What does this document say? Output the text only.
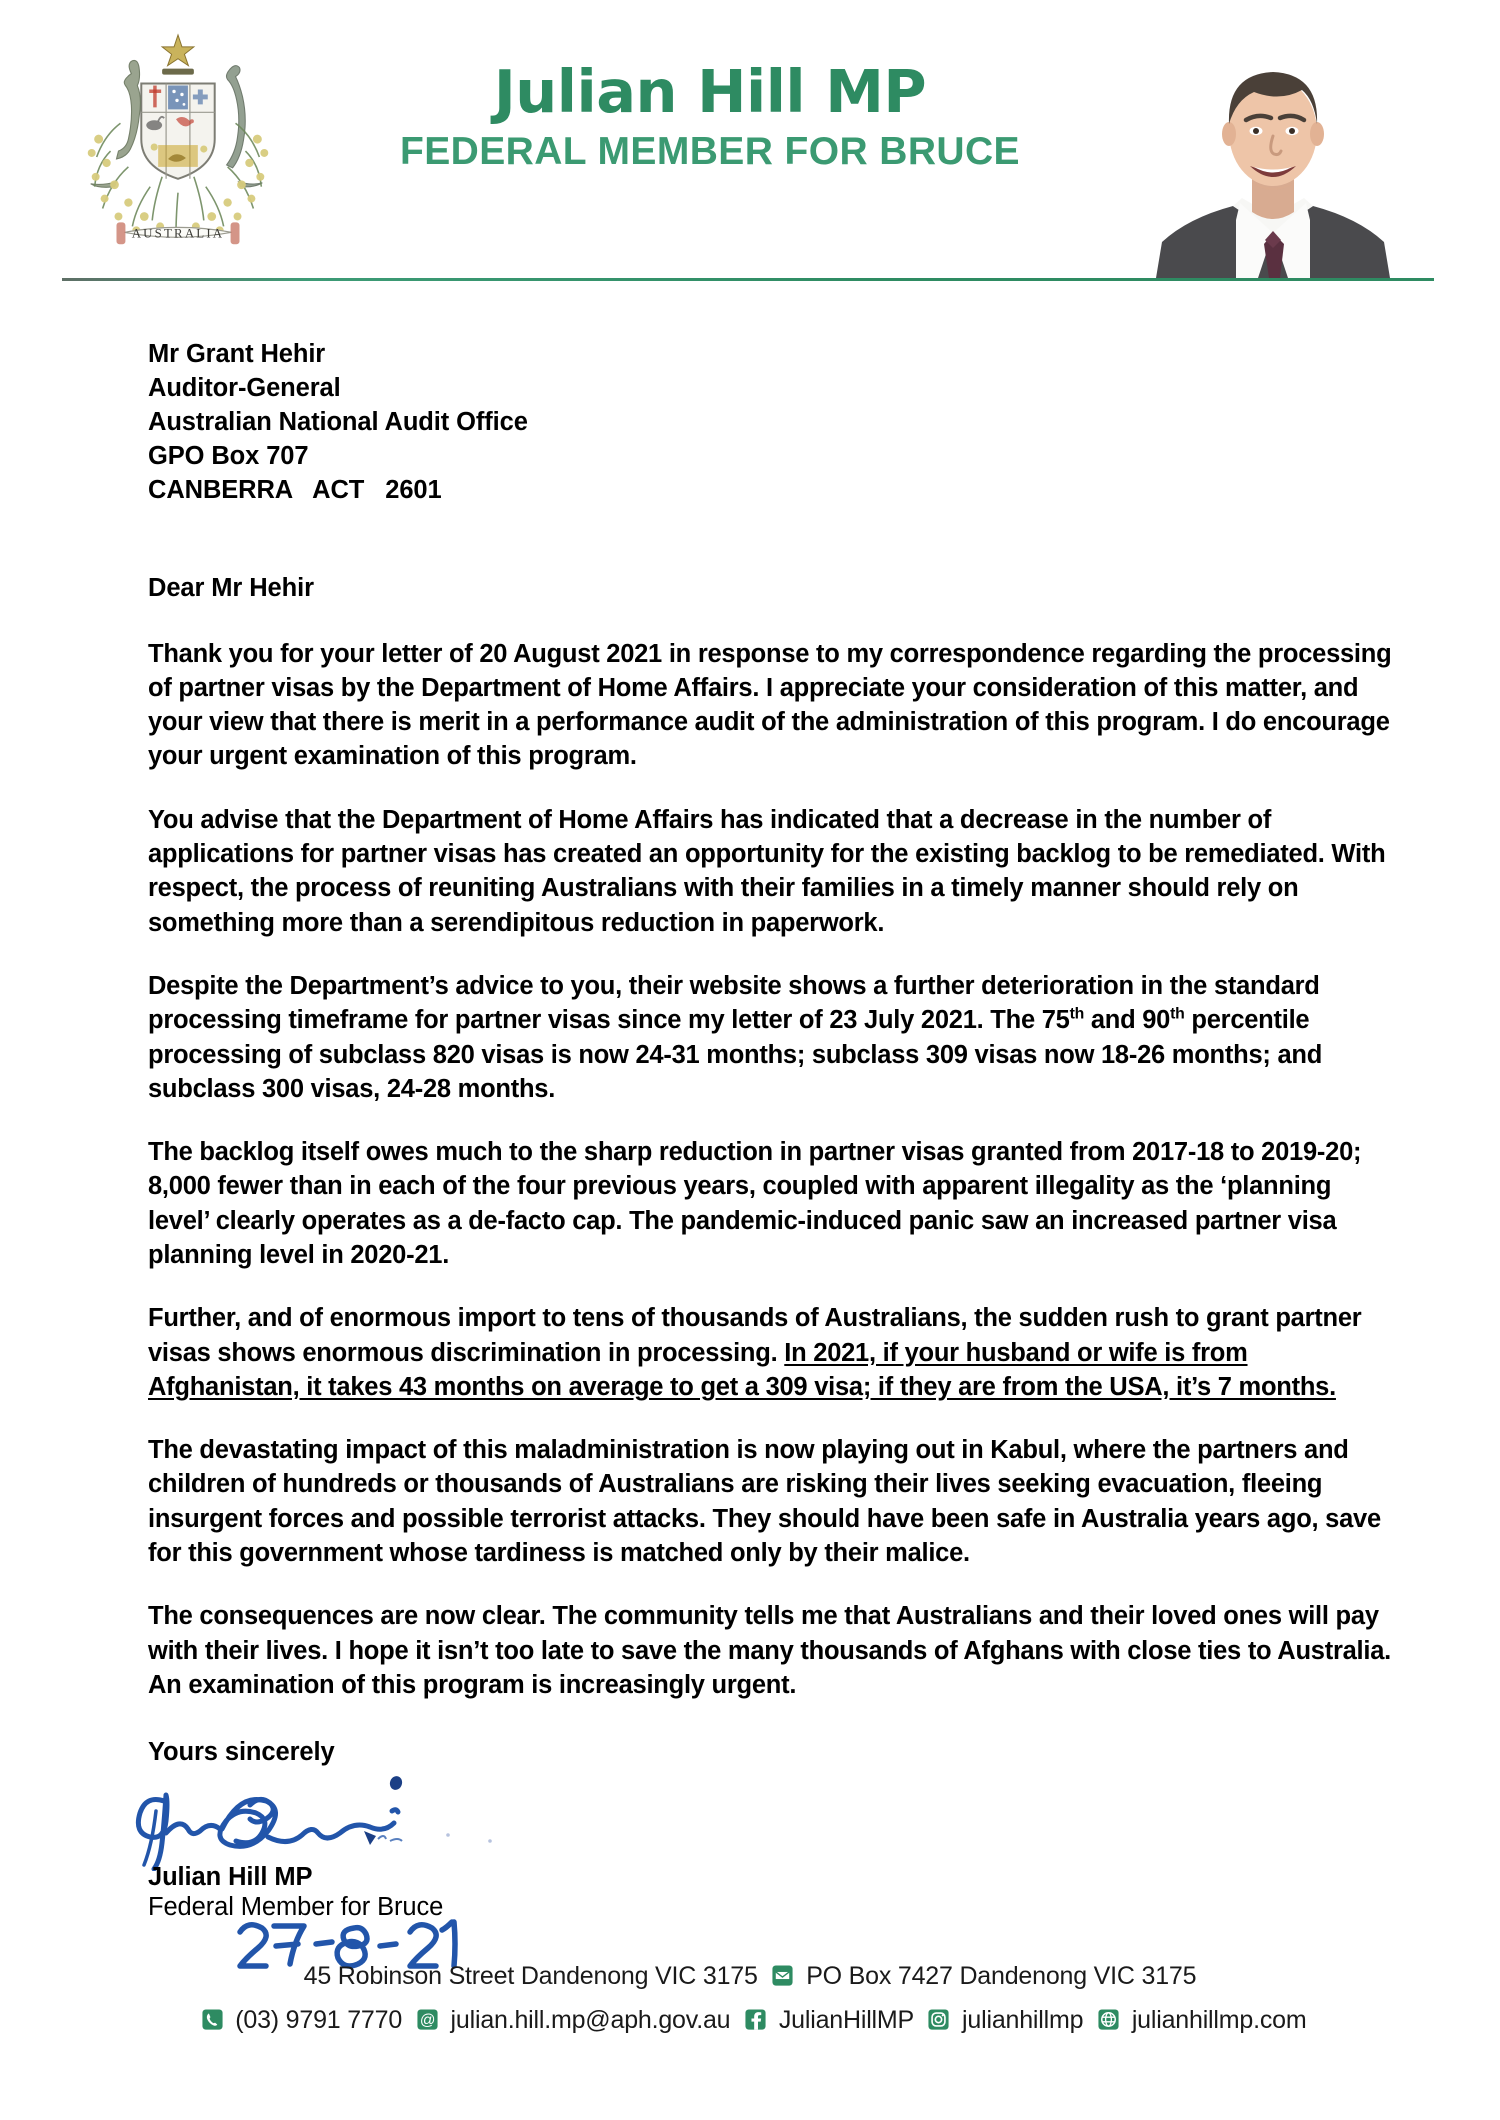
AUSTRALIA
Julian Hill MP
FEDERAL MEMBER FOR BRUCE
Mr Grant Hehir
Auditor-General
Australian National Audit Office
GPO Box 707
CANBERRA   ACT   2601
Dear Mr Hehir

Thank you for your letter of 20 August 2021 in response to my correspondence regarding the processing of partner visas by the Department of Home Affairs. I appreciate your consideration of this matter, and your view that there is merit in a performance audit of the administration of this program. I do encourage your urgent examination of this program.

You advise that the Department of Home Affairs has indicated that a decrease in the number of applications for partner visas has created an opportunity for the existing backlog to be remediated. With respect, the process of reuniting Australians with their families in a timely manner should rely on something more than a serendipitous reduction in paperwork.

Despite the Department’s advice to you, their website shows a further deterioration in the standard processing timeframe for partner visas since my letter of 23 July 2021. The 75th and 90th percentile processing of subclass 820 visas is now 24-31 months; subclass 309 visas now 18-26 months; and subclass 300 visas, 24-28 months.

The backlog itself owes much to the sharp reduction in partner visas granted from 2017-18 to 2019-20; 8,000 fewer than in each of the four previous years, coupled with apparent illegality as the ‘planning level’ clearly operates as a de-facto cap. The pandemic-induced panic saw an increased partner visa planning level in 2020-21.

Further, and of enormous import to tens of thousands of Australians, the sudden rush to grant partner visas shows enormous discrimination in processing. In 2021, if your husband or wife is from Afghanistan, it takes 43 months on average to get a 309 visa; if they are from the USA, it’s 7 months.

The devastating impact of this maladministration is now playing out in Kabul, where the partners and children of hundreds or thousands of Australians are risking their lives seeking evacuation, fleeing insurgent forces and possible terrorist attacks. They should have been safe in Australia years ago, save for this government whose tardiness is matched only by their malice.

The consequences are now clear. The community tells me that Australians and their loved ones will pay with their lives. I hope it isn’t too late to save the many thousands of Afghans with close ties to Australia. An examination of this program is increasingly urgent.

Yours sincerely
Julian Hill MP
Federal Member for Bruce
45 Robinson Street Dandenong VIC 3175 PO Box 7427 Dandenong VIC 3175
(03) 9791 7770 @ julian.hill.mp@aph.gov.au JulianHillMP julianhillmp julianhillmp.com
